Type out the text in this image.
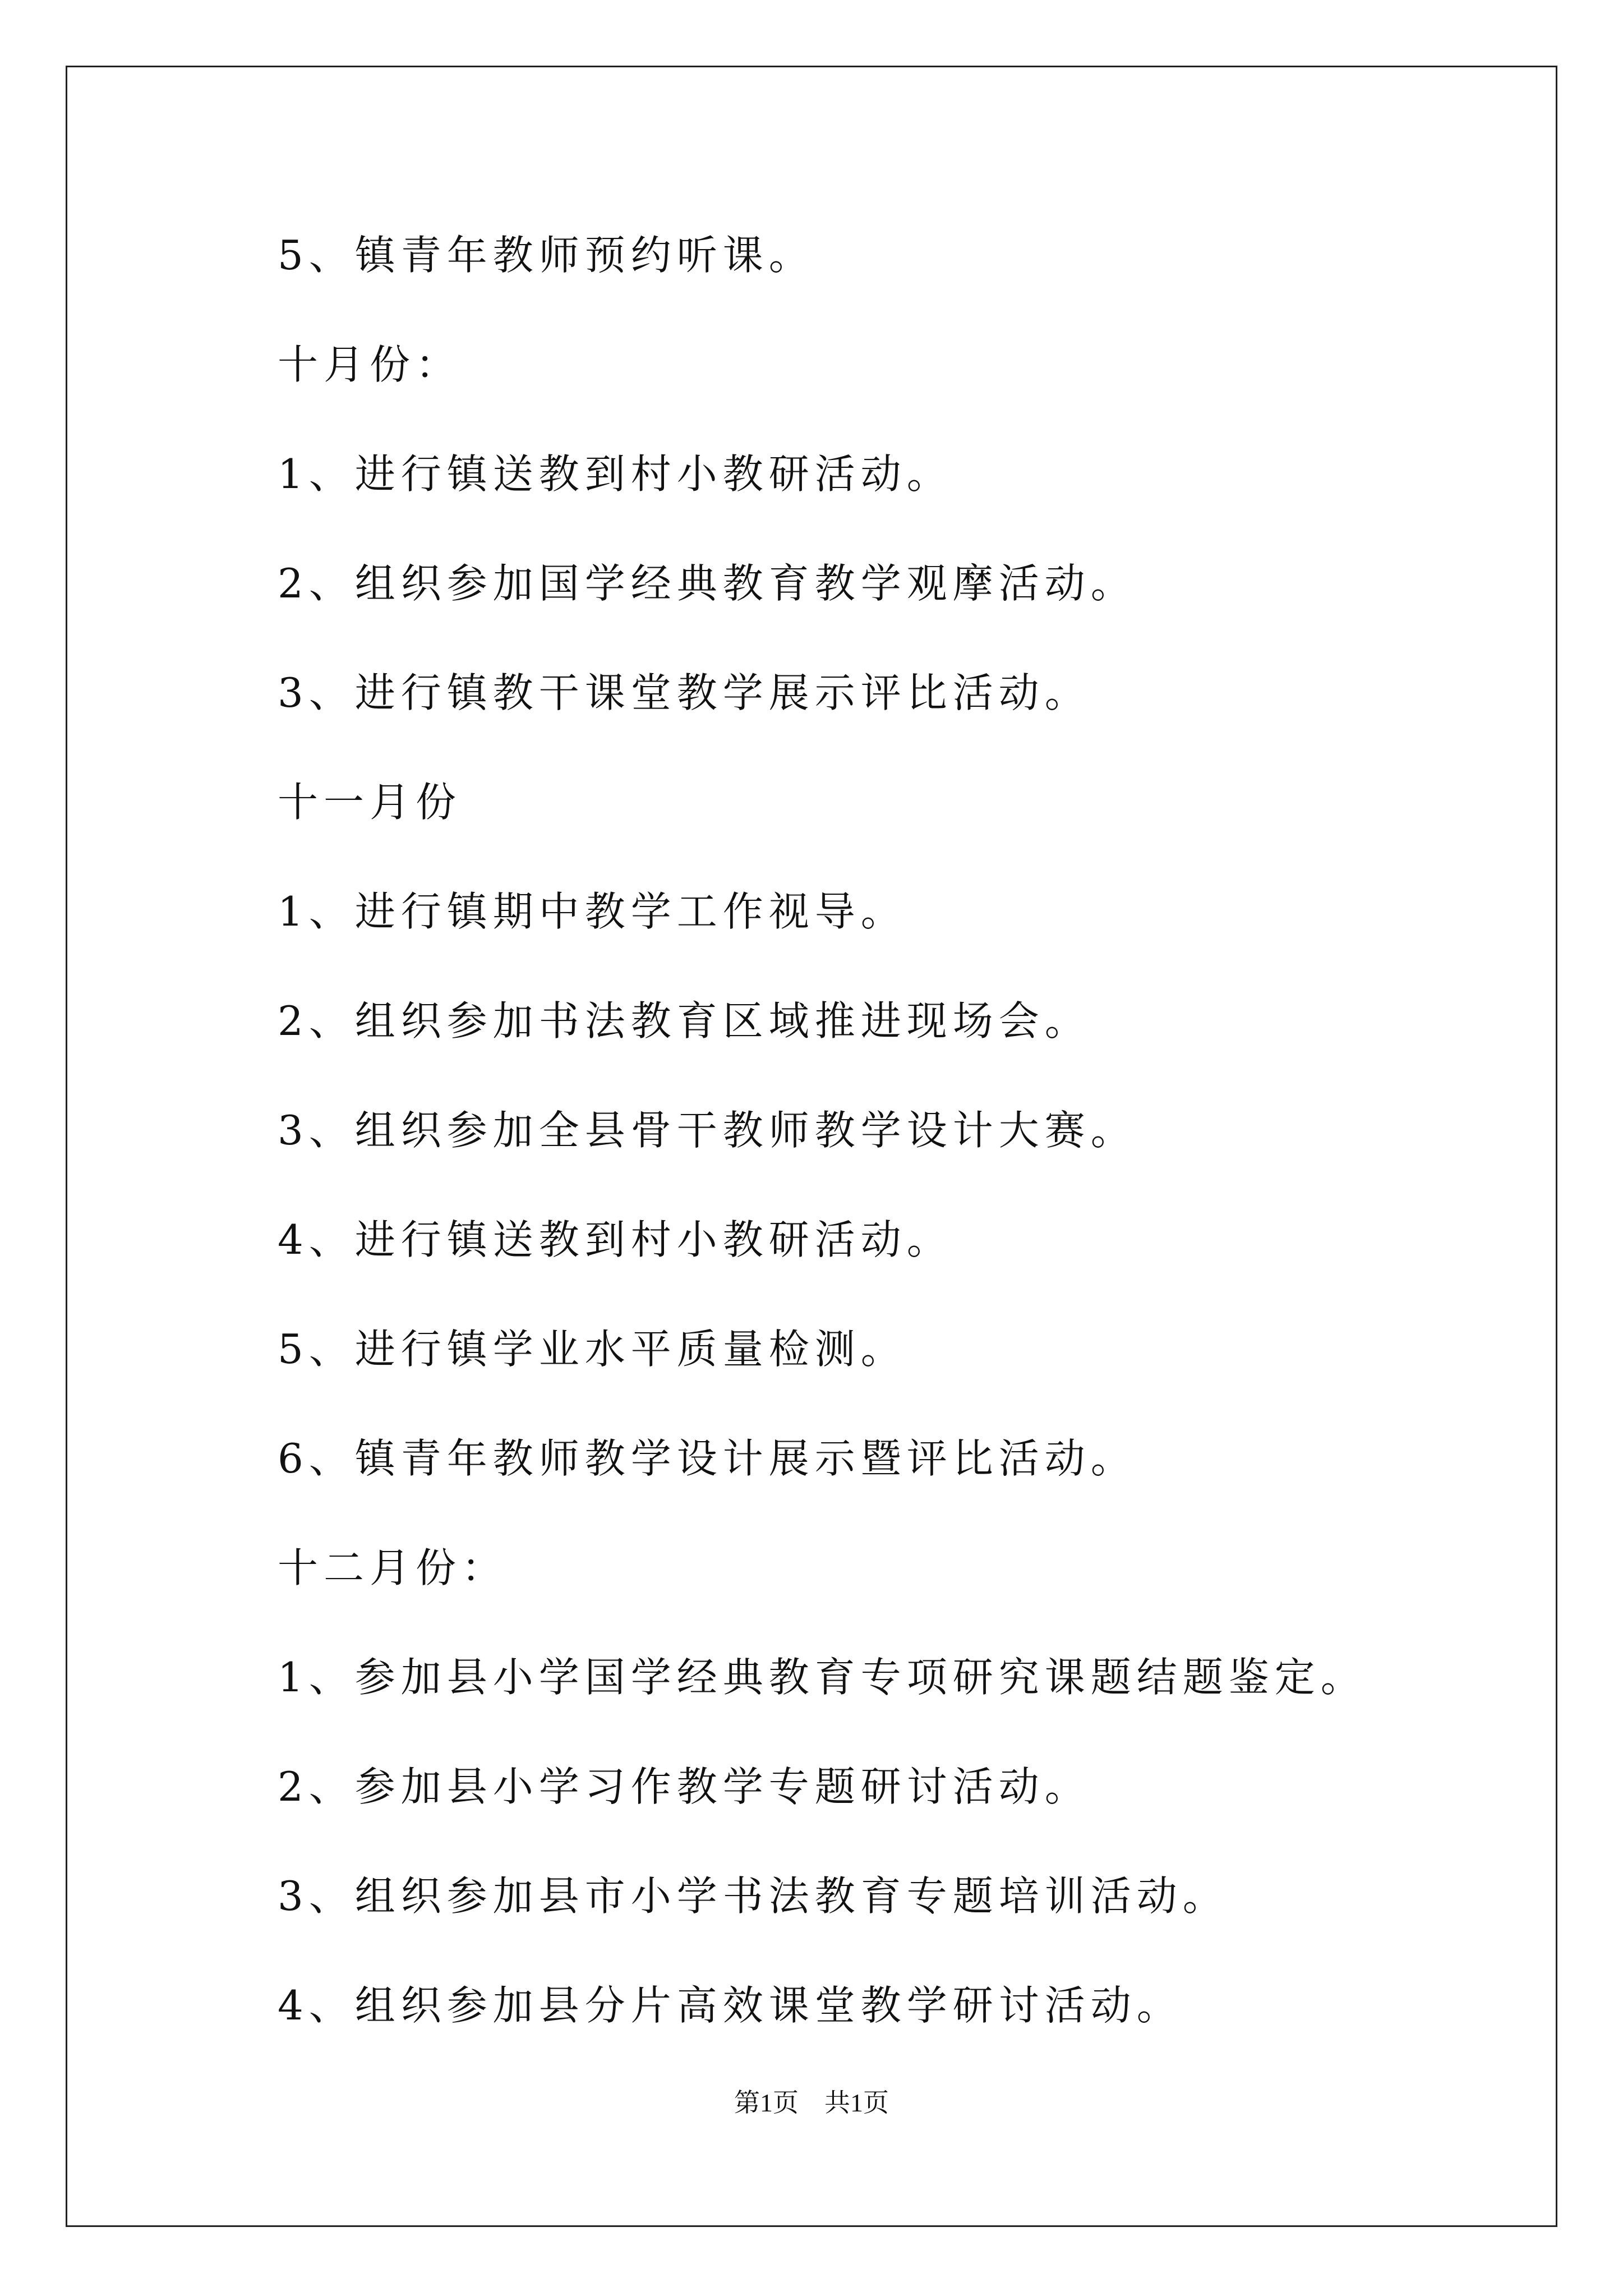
5、镇青年教师预约听课。
十月份：
1、进行镇送教到村小教研活动。
2、组织参加国学经典教育教学观摩活动。
3、进行镇教干课堂教学展示评比活动。
十一月份
1、进行镇期中教学工作视导。
2、组织参加书法教育区域推进现场会。
3、组织参加全县骨干教师教学设计大赛。
4、进行镇送教到村小教研活动。
5、进行镇学业水平质量检测。
6、镇青年教师教学设计展示暨评比活动。
十二月份：
1、参加县小学国学经典教育专项研究课题结题鉴定。
2、参加县小学习作教学专题研讨活动。
3、组织参加县市小学书法教育专题培训活动。
4、组织参加县分片高效课堂教学研讨活动。
第1页　共1页
